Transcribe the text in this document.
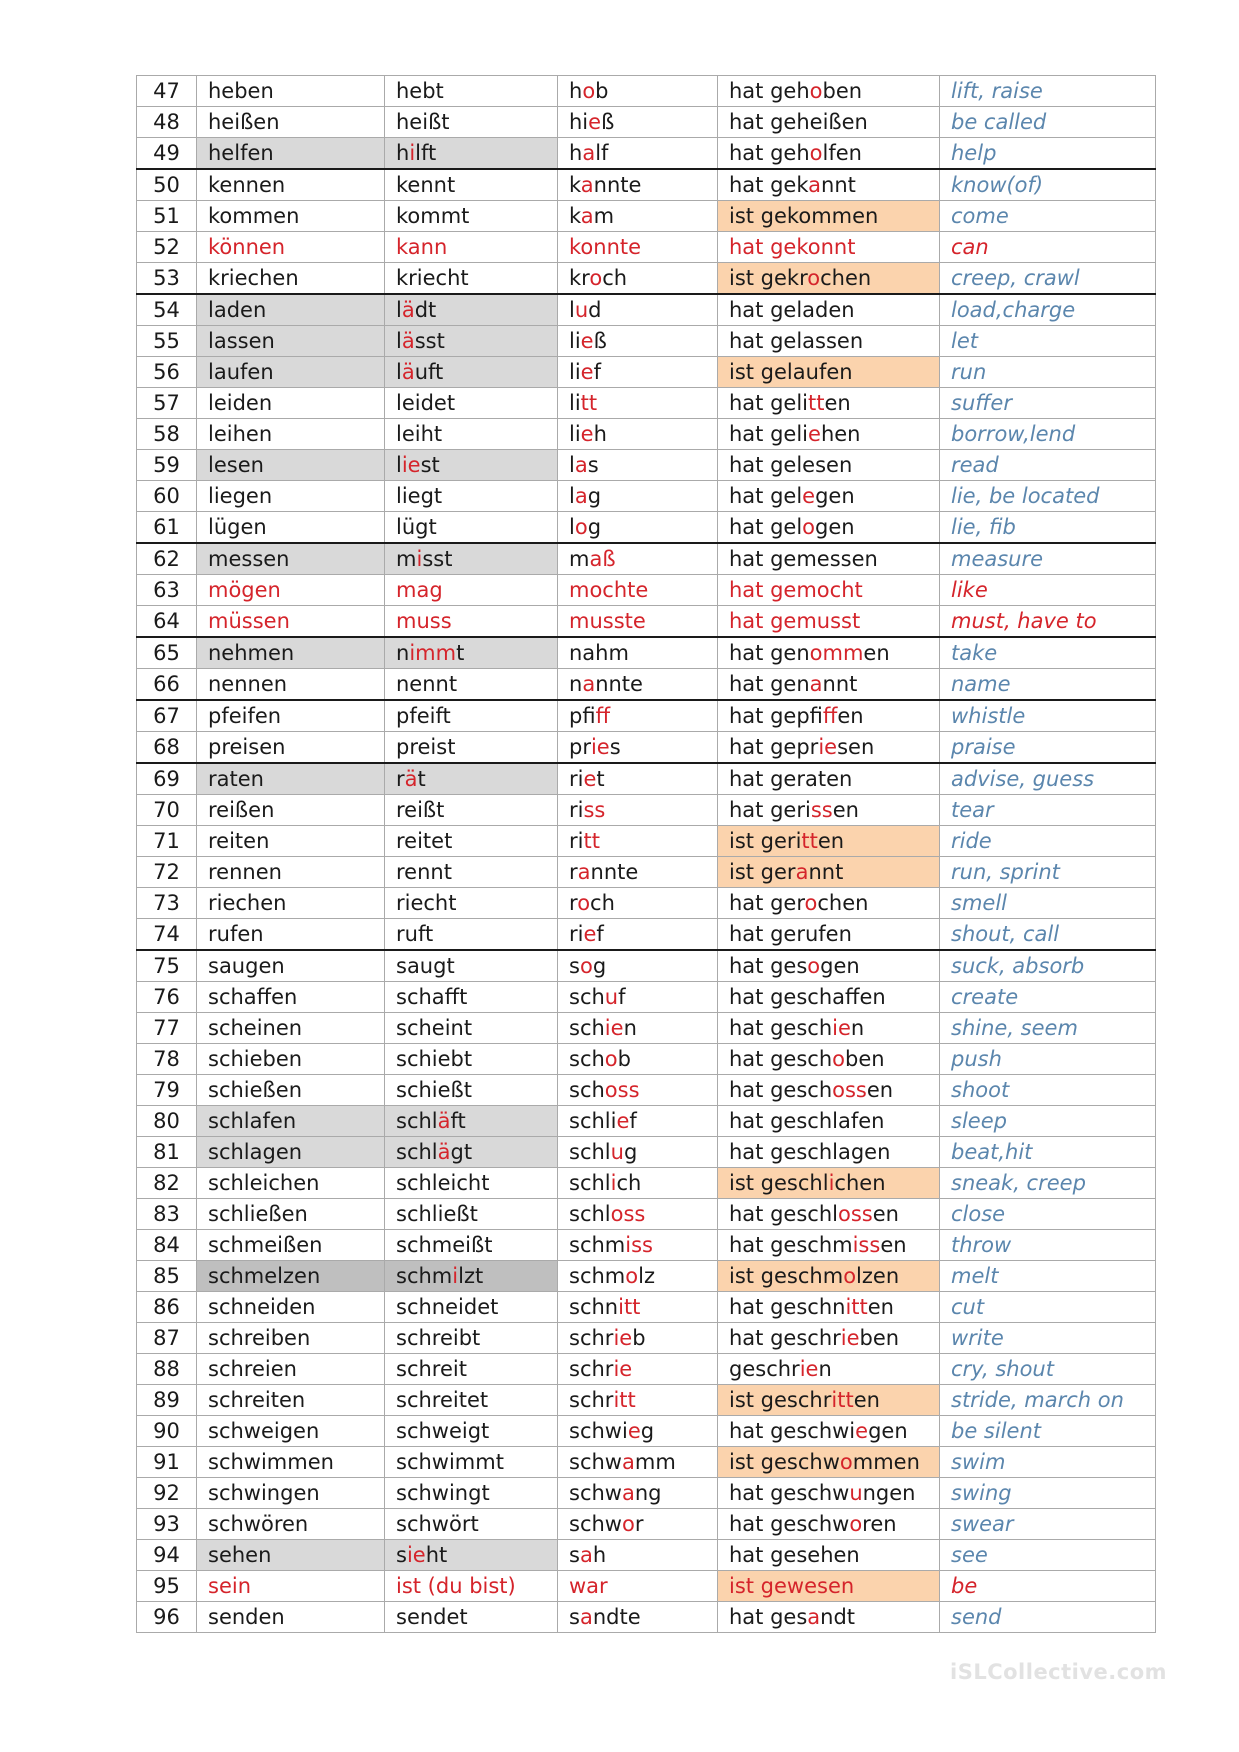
47	heben	hebt	hob	hat gehoben	lift, raise
48	heißen	heißt	hieß	hat geheißen	be called
49	helfen	hilft	half	hat geholfen	help
50	kennen	kennt	kannte	hat gekannt	know(of)
51	kommen	kommt	kam	ist gekommen	come
52	können	kann	konnte	hat gekonnt	can
53	kriechen	kriecht	kroch	ist gekrochen	creep, crawl
54	laden	lädt	lud	hat geladen	load,charge
55	lassen	lässt	ließ	hat gelassen	let
56	laufen	läuft	lief	ist gelaufen	run
57	leiden	leidet	litt	hat gelitten	suffer
58	leihen	leiht	lieh	hat geliehen	borrow,lend
59	lesen	liest	las	hat gelesen	read
60	liegen	liegt	lag	hat gelegen	lie, be located
61	lügen	lügt	log	hat gelogen	lie, fib
62	messen	misst	maß	hat gemessen	measure
63	mögen	mag	mochte	hat gemocht	like
64	müssen	muss	musste	hat gemusst	must, have to
65	nehmen	nimmt	nahm	hat genommen	take
66	nennen	nennt	nannte	hat genannt	name
67	pfeifen	pfeift	pfiff	hat gepfiffen	whistle
68	preisen	preist	pries	hat gepriesen	praise
69	raten	rät	riet	hat geraten	advise, guess
70	reißen	reißt	riss	hat gerissen	tear
71	reiten	reitet	ritt	ist geritten	ride
72	rennen	rennt	rannte	ist gerannt	run, sprint
73	riechen	riecht	roch	hat gerochen	smell
74	rufen	ruft	rief	hat gerufen	shout, call
75	saugen	saugt	sog	hat gesogen	suck, absorb
76	schaffen	schafft	schuf	hat geschaffen	create
77	scheinen	scheint	schien	hat geschien	shine, seem
78	schieben	schiebt	schob	hat geschoben	push
79	schießen	schießt	schoss	hat geschossen	shoot
80	schlafen	schläft	schlief	hat geschlafen	sleep
81	schlagen	schlägt	schlug	hat geschlagen	beat,hit
82	schleichen	schleicht	schlich	ist geschlichen	sneak, creep
83	schließen	schließt	schloss	hat geschlossen	close
84	schmeißen	schmeißt	schmiss	hat geschmissen	throw
85	schmelzen	schmilzt	schmolz	ist geschmolzen	melt
86	schneiden	schneidet	schnitt	hat geschnitten	cut
87	schreiben	schreibt	schrieb	hat geschrieben	write
88	schreien	schreit	schrie	geschrien	cry, shout
89	schreiten	schreitet	schritt	ist geschritten	stride, march on
90	schweigen	schweigt	schwieg	hat geschwiegen	be silent
91	schwimmen	schwimmt	schwamm	ist geschwommen	swim
92	schwingen	schwingt	schwang	hat geschwungen	swing
93	schwören	schwört	schwor	hat geschworen	swear
94	sehen	sieht	sah	hat gesehen	see
95	sein	ist (du bist)	war	ist gewesen	be
96	senden	sendet	sandte	hat gesandt	send
iSLCollective.com
